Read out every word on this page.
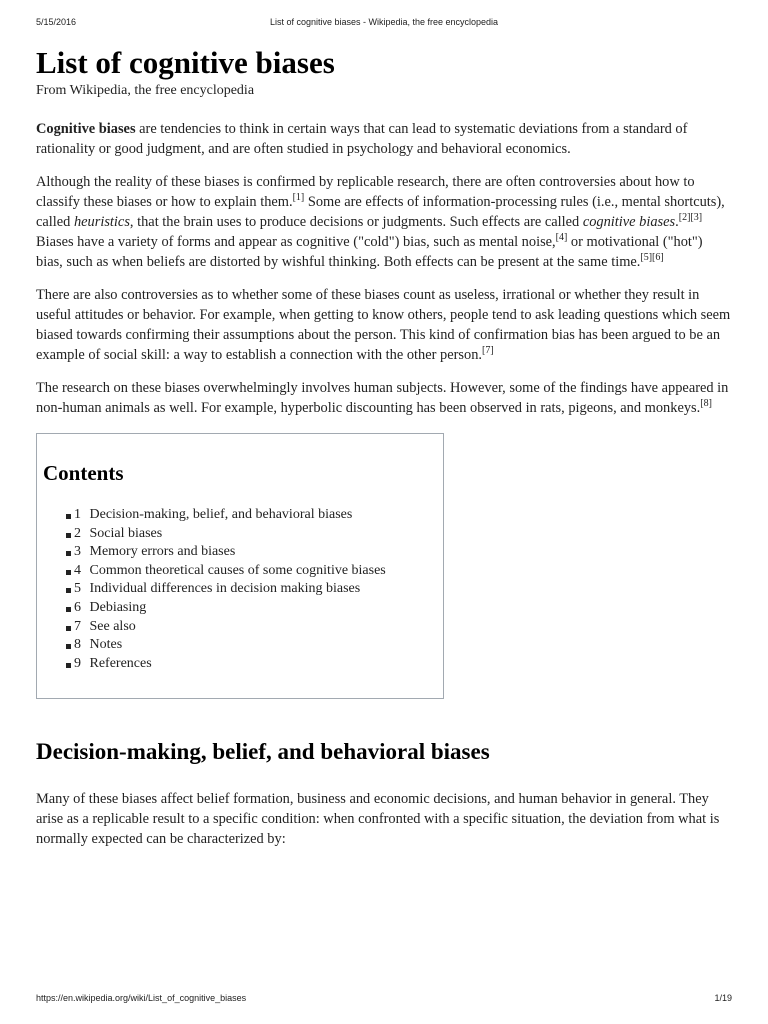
5/15/2016	List of cognitive biases - Wikipedia, the free encyclopedia
List of cognitive biases

From Wikipedia, the free encyclopedia

Cognitive biases are tendencies to think in certain ways that can lead to systematic deviations from a standard of rationality or good judgment, and are often studied in psychology and behavioral economics.

Although the reality of these biases is confirmed by replicable research, there are often controversies about how to classify these biases or how to explain them.[1] Some are effects of information-processing rules (i.e., mental shortcuts), called heuristics, that the brain uses to produce decisions or judgments. Such effects are called cognitive biases.[2][3] Biases have a variety of forms and appear as cognitive ("cold") bias, such as mental noise,[4] or motivational ("hot") bias, such as when beliefs are distorted by wishful thinking. Both effects can be present at the same time.[5][6]

There are also controversies as to whether some of these biases count as useless, irrational or whether they result in useful attitudes or behavior. For example, when getting to know others, people tend to ask leading questions which seem biased towards confirming their assumptions about the person. This kind of confirmation bias has been argued to be an example of social skill: a way to establish a connection with the other person.[7]

The research on these biases overwhelmingly involves human subjects. However, some of the findings have appeared in non-human animals as well. For example, hyperbolic discounting has been observed in rats, pigeons, and monkeys.[8]

Contents
1 Decision-making, belief, and behavioral biases
2 Social biases
3 Memory errors and biases
4 Common theoretical causes of some cognitive biases
5 Individual differences in decision making biases
6 Debiasing
7 See also
8 Notes
9 References
Decision-making, belief, and behavioral biases

Many of these biases affect belief formation, business and economic decisions, and human behavior in general. They arise as a replicable result to a specific condition: when confronted with a specific situation, the deviation from what is normally expected can be characterized by:

https://en.wikipedia.org/wiki/List_of_cognitive_biases	1/19
